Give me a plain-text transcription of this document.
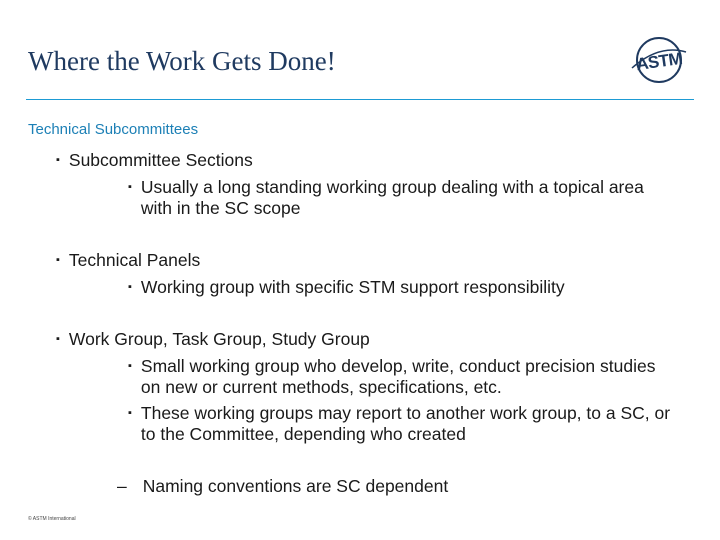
Where the Work Gets Done!	ASTM
Technical Subcommittees
▪ Subcommittee Sections
▪ Usually a long standing working group dealing with a topical area with in the SC scope
▪ Technical Panels
▪ Working group with specific STM support responsibility
▪ Work Group, Task Group, Study Group
▪ Small working group who develop, write, conduct precision studies on new or current methods, specifications, etc.
▪ These working groups may report to another work group, to a SC, or to the Committee, depending who created
– Naming conventions are SC dependent
© ASTM International
